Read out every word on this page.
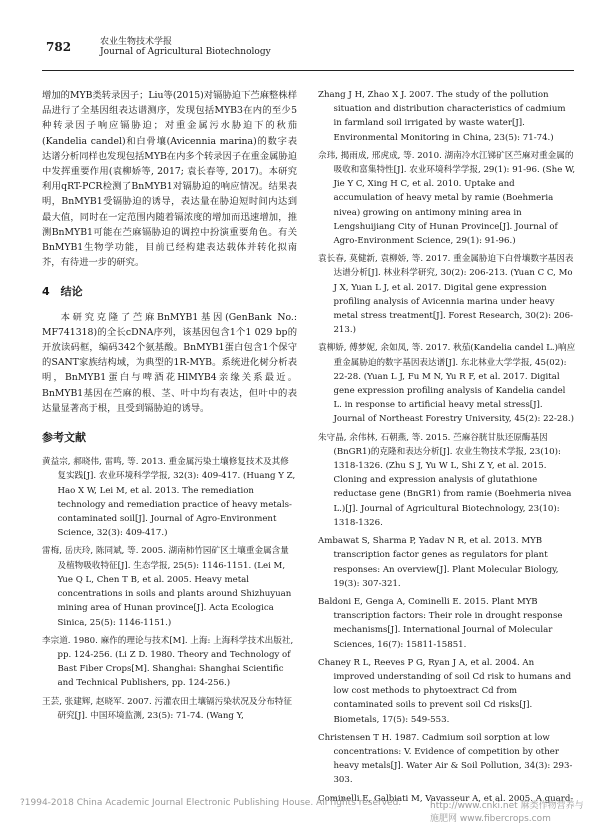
782	农业生物技术学报
Journal of Agricultural Biotechnology

增加的MYB类转录因子；Liu等(2015)对镉胁迫下苎麻整株样品进行了全基因组表达谱测序，发现包括MYB3在内的至少5种转录因子响应镉胁迫；对重金属污水胁迫下的秋茄(Kandelia candel)和白骨壤(Avicennia marina)的数字表达谱分析同样也发现包括MYB在内多个转录因子在重金属胁迫中发挥重要作用(袁柳娇等, 2017; 袁长春等, 2017)。本研究利用qRT-PCR检测了BnMYB1对镉胁迫的响应情况。结果表明，BnMYB1受镉胁迫的诱导，表达量在胁迫短时间内达到最大值，同时在一定范围内随着镉浓度的增加而迅速增加，推测BnMYB1可能在苎麻镉胁迫的调控中扮演重要角色。有关BnMYB1生物学功能，目前已经构建表达载体并转化拟南芥，有待进一步的研究。

4　结论

本研究克隆了苎麻BnMYB1基因(GenBank No.: MF741318)的全长cDNA序列，该基因包含1个1 029 bp的开放读码框，编码342个氨基酸。BnMYB1蛋白包含1个保守的SANT家族结构域，为典型的1R-MYB。系统进化树分析表明，BnMYB1蛋白与啤酒花HlMYB4亲缘关系最近。BnMYB1基因在苎麻的根、茎、叶中均有表达，但叶中的表达量显著高于根，且受到镉胁迫的诱导。

参考文献
黄益宗, 郝晓伟, 雷鸣, 等. 2013. 重金属污染土壤修复技术及其修复实践[J]. 农业环境科学学报, 32(3): 409-417. (Huang Y Z, Hao X W, Lei M, et al. 2013. The remediation technology and remediation practice of heavy metals-contaminated soil[J]. Journal of Agro-Environment Science, 32(3): 409-417.)
雷梅, 岳庆玲, 陈同斌, 等. 2005. 湖南柿竹园矿区土壤重金属含量及植物吸收特征[J]. 生态学报, 25(5): 1146-1151. (Lei M, Yue Q L, Chen T B, et al. 2005. Heavy metal concentrations in soils and plants around Shizhuyuan mining area of Hunan province[J]. Acta Ecologica Sinica, 25(5): 1146-1151.)
李宗道. 1980. 麻作的理论与技术[M]. 上海: 上海科学技术出版社, pp. 124-256. (Li Z D. 1980. Theory and Technology of Bast Fiber Crops[M]. Shanghai: Shanghai Scientific and Technical Publishers, pp. 124-256.)
王芸, 张建辉, 赵晓军. 2007. 污灌农田土壤镉污染状况及分布特征研究[J]. 中国环境监测, 23(5): 71-74. (Wang Y,
Zhang J H, Zhao X J. 2007. The study of the pollution situation and distribution characteristics of cadmium in farmland soil irrigated by waste water[J]. Environmental Monitoring in China, 23(5): 71-74.)
佘玮, 揭雨成, 邢虎成, 等. 2010. 湖南冷水江锑矿区苎麻对重金属的吸收和富集特性[J]. 农业环境科学学报, 29(1): 91-96. (She W, Jie Y C, Xing H C, et al. 2010. Uptake and accumulation of heavy metal by ramie (Boehmeria nivea) growing on antimony mining area in Lengshuijiang City of Hunan Province[J]. Journal of Agro-Environment Science, 29(1): 91-96.)
袁长春, 莫健新, 袁柳娇, 等. 2017. 重金属胁迫下白骨壤数字基因表达谱分析[J]. 林业科学研究, 30(2): 206-213. (Yuan C C, Mo J X, Yuan L J, et al. 2017. Digital gene expression profiling analysis of Avicennia marina under heavy metal stress treatment[J]. Forest Research, 30(2): 206-213.)
袁柳娇, 傅梦妮, 余如凤, 等. 2017. 秋茄(Kandelia candel L.)响应重金属胁迫的数字基因表达谱[J]. 东北林业大学学报, 45(02): 22-28. (Yuan L J, Fu M N, Yu R F, et al. 2017. Digital gene expression profiling analysis of Kandelia candel L. in response to artificial heavy metal stress[J]. Journal of Northeast Forestry University, 45(2): 22-28.)
朱守晶, 余伟林, 石朝燕, 等. 2015. 苎麻谷胱甘肽还原酶基因(BnGR1)的克隆和表达分析[J]. 农业生物技术学报, 23(10): 1318-1326. (Zhu S J, Yu W L, Shi Z Y, et al. 2015. Cloning and expression analysis of glutathione reductase gene (BnGR1) from ramie (Boehmeria nivea L.)[J]. Journal of Agricultural Biotechnology, 23(10): 1318-1326.
Ambawat S, Sharma P, Yadav N R, et al. 2013. MYB transcription factor genes as regulators for plant responses: An overview[J]. Plant Molecular Biology, 19(3): 307-321.
Baldoni E, Genga A, Cominelli E. 2015. Plant MYB transcription factors: Their role in drought response mechanisms[J]. International Journal of Molecular Sciences, 16(7): 15811-15851.
Chaney R L, Reeves P G, Ryan J A, et al. 2004. An improved understanding of soil Cd risk to humans and low cost methods to phytoextract Cd from contaminated soils to prevent soil Cd risks[J]. Biometals, 17(5): 549-553.
Christensen T H. 1987. Cadmium soil sorption at low concentrations: V. Evidence of competition by other heavy metals[J]. Water Air & Soil Pollution, 34(3): 293-303.
Cominelli E, Galbiati M, Vavasseur A, et al. 2005. A guard-
?1994-2018 China Academic Journal Electronic Publishing House. All rights reserved.	http://www.cnki.net 麻类作物营养与施肥网 www.fibercrops.com
